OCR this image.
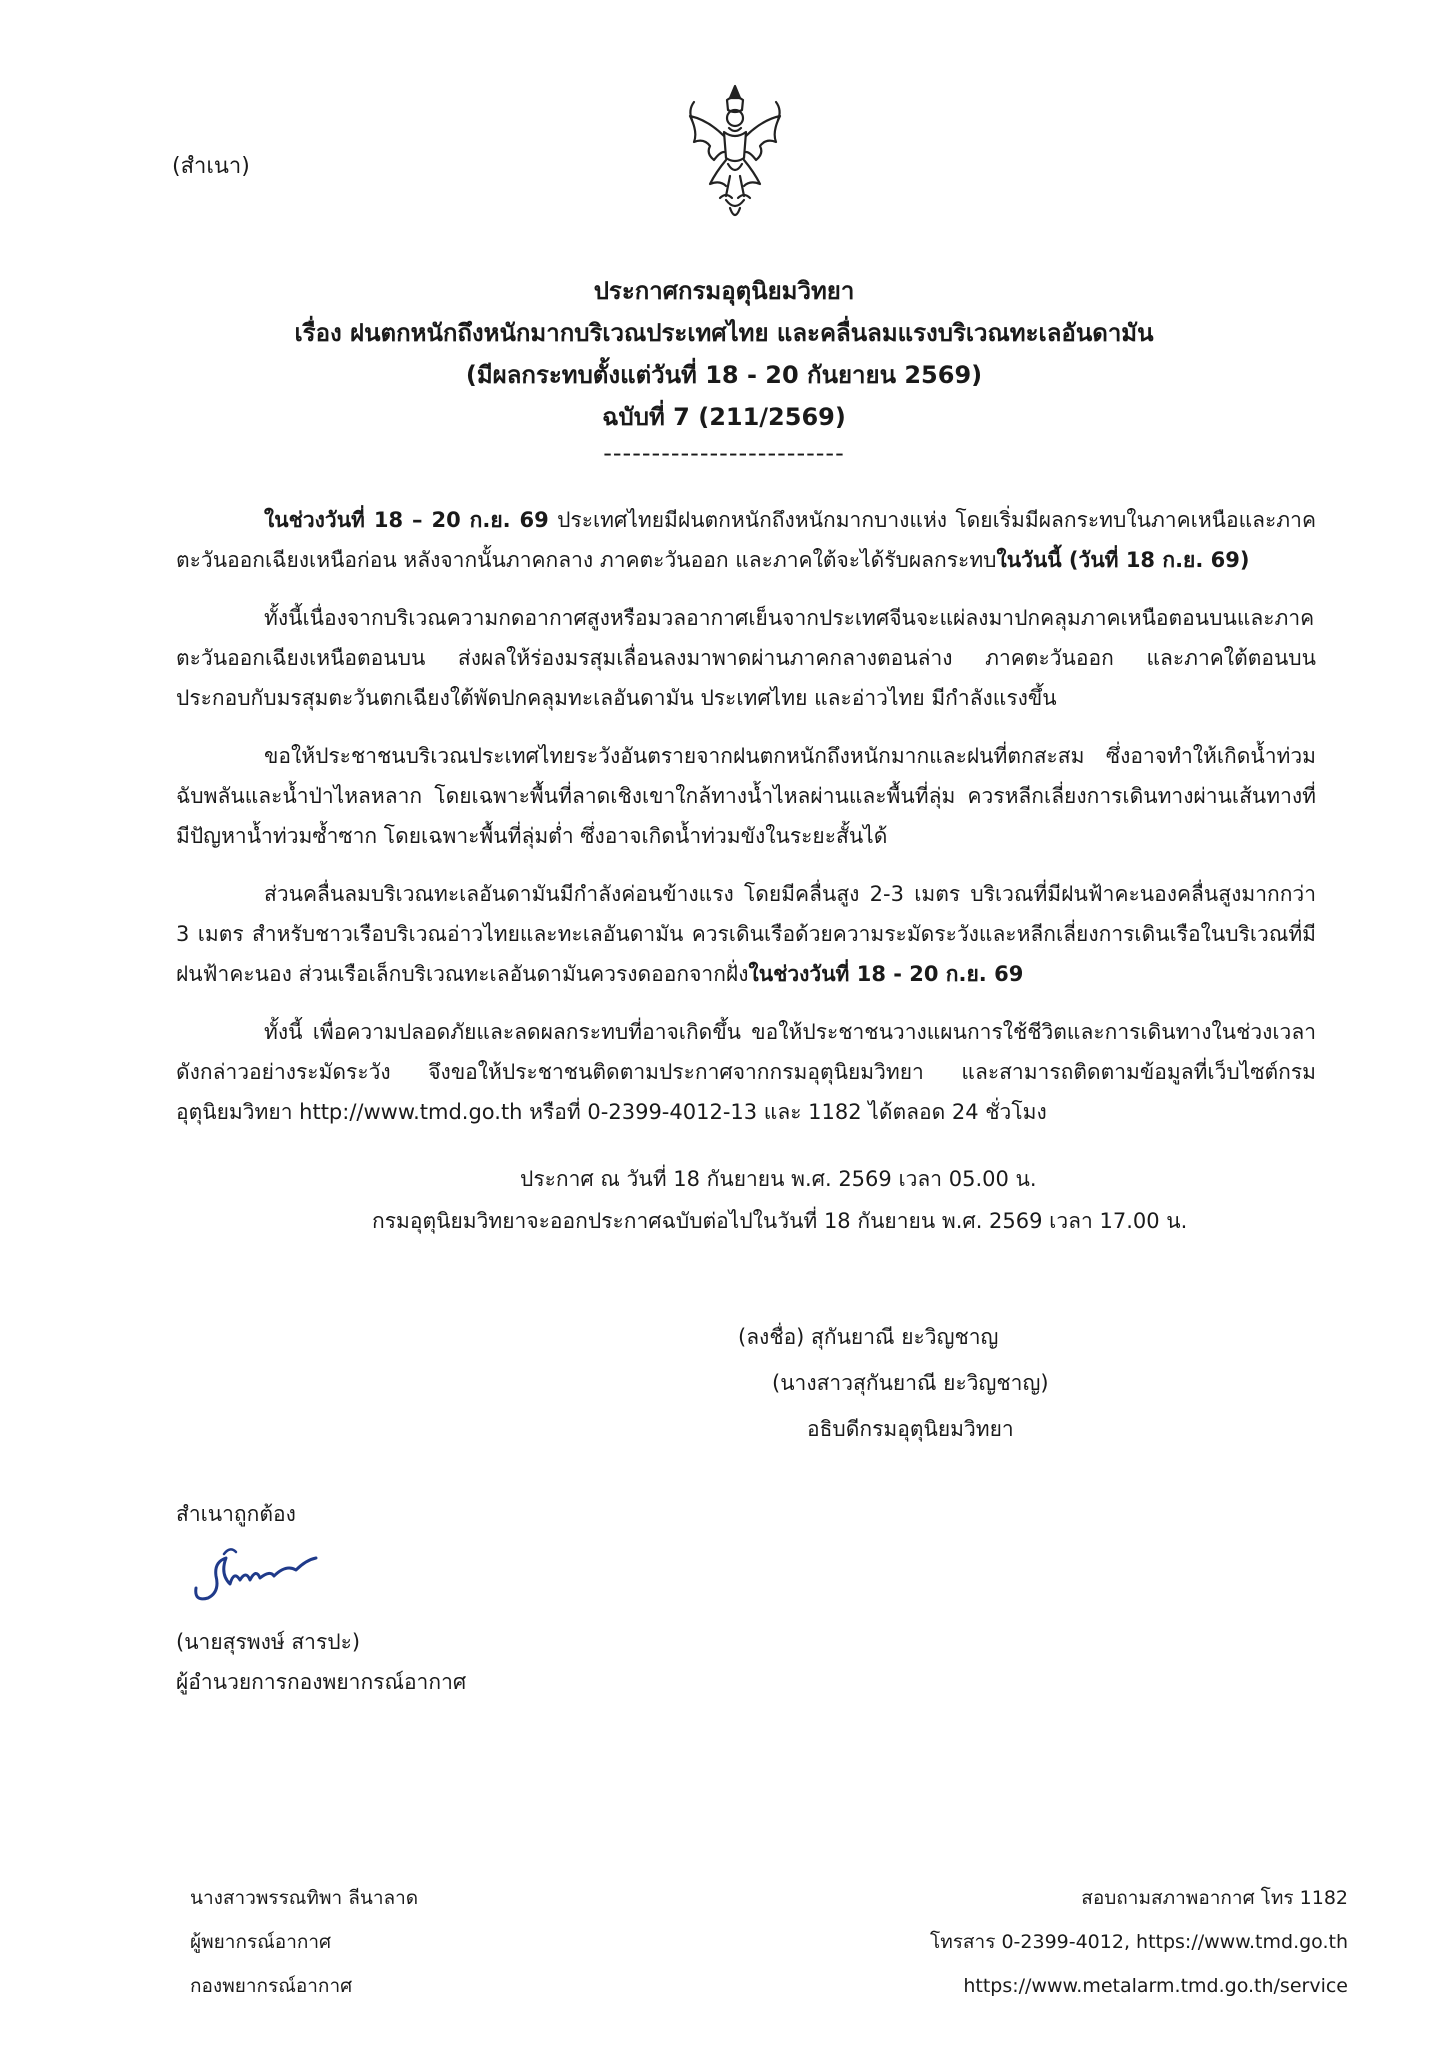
(สำเนา)
ประกาศกรมอุตุนิยมวิทยา
เรื่อง ฝนตกหนักถึงหนักมากบริเวณประเทศไทย และคลื่นลมแรงบริเวณทะเลอันดามัน
(มีผลกระทบตั้งแต่วันที่ 18 - 20 กันยายน 2569)
ฉบับที่ 7 (211/2569)
-------------------------

ในช่วงวันที่ 18 – 20 ก.ย. 69 ประเทศไทยมีฝนตกหนักถึงหนักมากบางแห่ง โดยเริ่มมีผลกระทบในภาคเหนือและภาคตะวันออกเฉียงเหนือก่อน หลังจากนั้นภาคกลาง ภาคตะวันออก และภาคใต้จะได้รับผลกระทบในวันนี้ (วันที่ 18 ก.ย. 69)

ทั้งนี้เนื่องจากบริเวณความกดอากาศสูงหรือมวลอากาศเย็นจากประเทศจีนจะแผ่ลงมาปกคลุมภาคเหนือตอนบนและภาคตะวันออกเฉียงเหนือตอนบน ส่งผลให้ร่องมรสุมเลื่อนลงมาพาดผ่านภาคกลางตอนล่าง ภาคตะวันออก และภาคใต้ตอนบน ประกอบกับมรสุมตะวันตกเฉียงใต้พัดปกคลุมทะเลอันดามัน ประเทศไทย และอ่าวไทย มีกำลังแรงขึ้น

ขอให้ประชาชนบริเวณประเทศไทยระวังอันตรายจากฝนตกหนักถึงหนักมากและฝนที่ตกสะสม ซึ่งอาจทำให้เกิดน้ำท่วมฉับพลันและน้ำป่าไหลหลาก โดยเฉพาะพื้นที่ลาดเชิงเขาใกล้ทางน้ำไหลผ่านและพื้นที่ลุ่ม ควรหลีกเลี่ยงการเดินทางผ่านเส้นทางที่มีปัญหาน้ำท่วมซ้ำซาก โดยเฉพาะพื้นที่ลุ่มต่ำ ซึ่งอาจเกิดน้ำท่วมขังในระยะสั้นได้

ส่วนคลื่นลมบริเวณทะเลอันดามันมีกำลังค่อนข้างแรง โดยมีคลื่นสูง 2-3 เมตร บริเวณที่มีฝนฟ้าคะนองคลื่นสูงมากกว่า 3 เมตร สำหรับชาวเรือบริเวณอ่าวไทยและทะเลอันดามัน ควรเดินเรือด้วยความระมัดระวังและหลีกเลี่ยงการเดินเรือในบริเวณที่มีฝนฟ้าคะนอง ส่วนเรือเล็กบริเวณทะเลอันดามันควรงดออกจากฝั่งในช่วงวันที่ 18 - 20 ก.ย. 69

ทั้งนี้ เพื่อความปลอดภัยและลดผลกระทบที่อาจเกิดขึ้น ขอให้ประชาชนวางแผนการใช้ชีวิตและการเดินทางในช่วงเวลาดังกล่าวอย่างระมัดระวัง จึงขอให้ประชาชนติดตามประกาศจากกรมอุตุนิยมวิทยา และสามารถติดตามข้อมูลที่เว็บไซต์กรมอุตุนิยมวิทยา http://www.tmd.go.th หรือที่ 0-2399-4012-13 และ 1182 ได้ตลอด 24 ชั่วโมง

ประกาศ ณ วันที่ 18 กันยายน พ.ศ. 2569 เวลา 05.00 น.
กรมอุตุนิยมวิทยาจะออกประกาศฉบับต่อไปในวันที่ 18 กันยายน พ.ศ. 2569 เวลา 17.00 น.
(ลงชื่อ) สุกันยาณี ยะวิญชาญ
(นางสาวสุกันยาณี ยะวิญชาญ)
อธิบดีกรมอุตุนิยมวิทยา
สำเนาถูกต้อง
(นายสุรพงษ์ สารปะ)
ผู้อำนวยการกองพยากรณ์อากาศ
นางสาวพรรณทิพา ลีนาลาด
ผู้พยากรณ์อากาศ
กองพยากรณ์อากาศ
สอบถามสภาพอากาศ โทร 1182
โทรสาร 0-2399-4012, https://www.tmd.go.th
https://www.metalarm.tmd.go.th/service
